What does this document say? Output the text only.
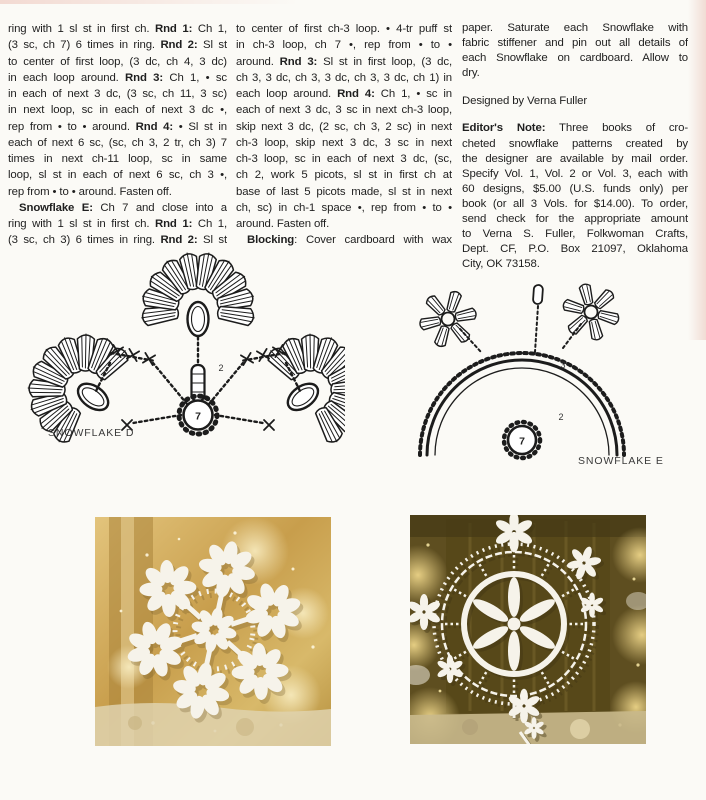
ring with 1 sl st in first ch. Rnd 1: Ch 1,
(3 sc, ch 7) 6 times in ring. Rnd 2: Sl st
to center of first loop, (3 dc, ch 4, 3 dc)
in each loop around. Rnd 3: Ch 1, • sc
in each of next 3 dc, (3 sc, ch 11, 3 sc)
in next loop, sc in each of next 3 dc •,
rep from • to • around. Rnd 4: • Sl st in
each of next 6 sc, (sc, ch 3, 2 tr, ch 3) 7
times in next ch-11 loop, sc in same
loop, sl st in each of next 6 sc, ch 3 •,
rep from • to • around. Fasten off.
Snowflake E: Ch 7 and close into a
ring with 1 sl st in first ch. Rnd 1: Ch 1,
(3 sc, ch 3) 6 times in ring. Rnd 2: Sl st
to center of first ch-3 loop. • 4-tr puff st
in ch-3 loop, ch 7 •, rep from • to •
around. Rnd 3: Sl st in first loop, (3 dc,
ch 3, 3 dc, ch 3, 3 dc, ch 3, 3 dc, ch 1) in
each loop around. Rnd 4: Ch 1, • sc in
each of next 3 dc, 3 sc in next ch-3 loop,
skip next 3 dc, (2 sc, ch 3, 2 sc) in next
ch-3 loop, skip next 3 dc, 3 sc in next
ch-3 loop, sc in each of next 3 dc, (sc,
ch 2, work 5 picots, sl st in first ch at
base of last 5 picots made, sl st in next
ch, sc) in ch-1 space •, rep from • to •
around. Fasten off.
Blocking: Cover cardboard with wax
paper. Saturate each Snowflake with
fabric stiffener and pin out all details of
each Snowflake on cardboard. Allow to
dry.
Designed by Verna Fuller
Editor's Note: Three books of cro-
cheted snowflake patterns created by
the designer are available by mail order.
Specify Vol. 1, Vol. 2 or Vol. 3, each with
60 designs, $5.00 (U.S. funds only) per
book (or all 3 Vols. for $14.00). To order,
send check for the appropriate amount
to Verna S. Fuller, Folkwoman Crafts,
Dept. CF, P.O. Box 21097, Oklahoma
City, OK 73158.
7
2
SNOWFLAKE D
7
3
2
SNOWFLAKE E
